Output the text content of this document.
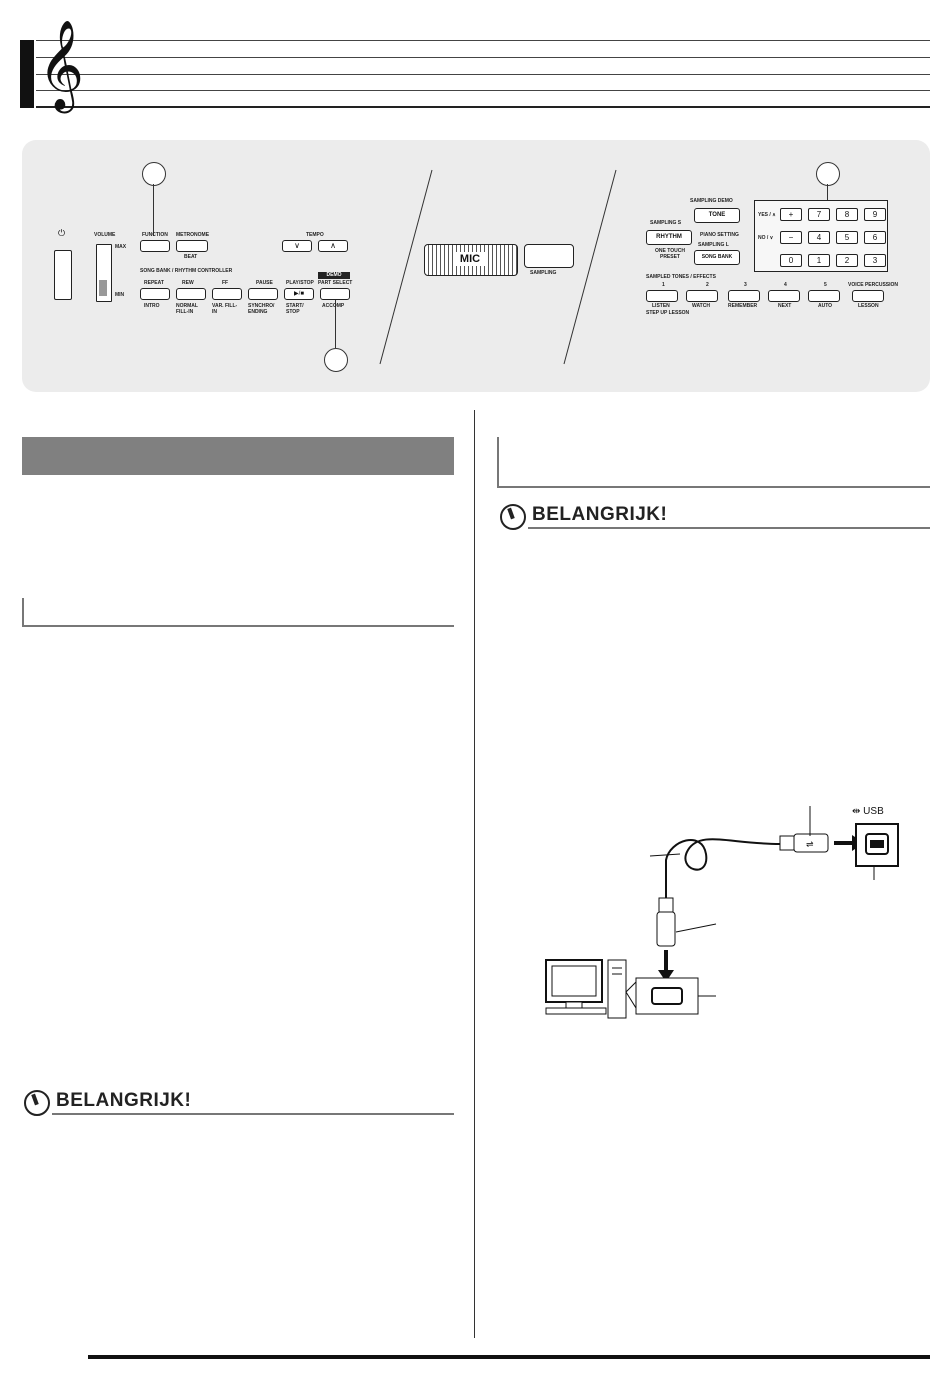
𝄞
⏻	VOLUME
MAX
MIN
FUNCTION METRONOME
BEAT
TEMPO
∨	∧
SONG BANK / RHYTHM CONTROLLER
DEMO
REPEAT	REW	FF	PAUSE	PLAY/STOP PART SELECT
▶/■
INTRO	NORMAL FILL-IN
VAR. FILL-IN
SYNCHRO/ ENDING
START/ STOP
ACCOMP
MIC
SAMPLING
SAMPLING DEMO
TONE
SAMPLING S
RHYTHM	PIANO SETTING
SAMPLING L
SONG BANK
ONE TOUCH PRESET
YES / ∧
NO / ∨
+	7	8	9
−	4	5	6
0	1	2	3
SAMPLED TONES / EFFECTS
1	2	3	4	5	VOICE PERCUSSION
LISTEN	WATCH	REMEMBER	NEXT	AUTO	LESSON
STEP UP LESSON
BELANGRIJK!
BELANGRIJK!
⇌
⇹ USB
